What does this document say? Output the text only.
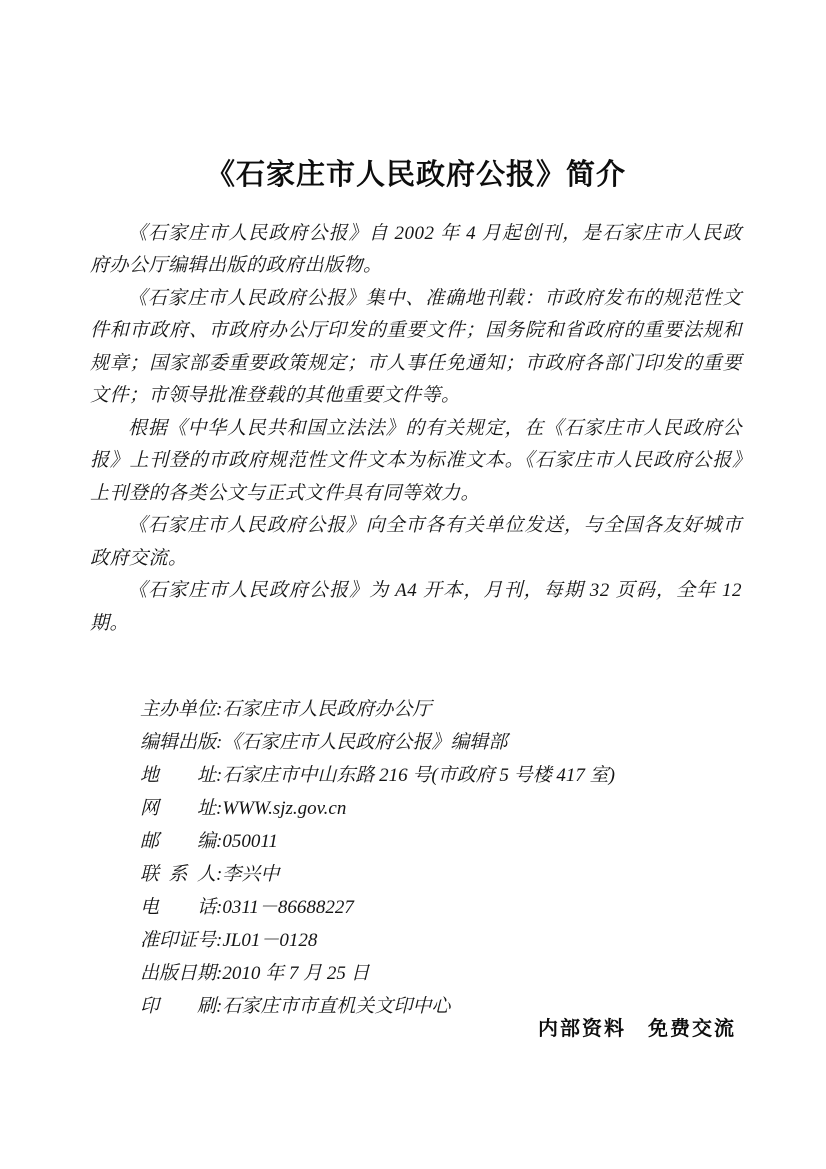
《石家庄市人民政府公报》简介

《石家庄市人民政府公报》自 2002 年 4 月起创刊，是石家庄市人民政府办公厅编辑出版的政府出版物。

《石家庄市人民政府公报》集中、准确地刊载：市政府发布的规范性文件和市政府、市政府办公厅印发的重要文件；国务院和省政府的重要法规和规章；国家部委重要政策规定；市人事任免通知；市政府各部门印发的重要文件；市领导批准登载的其他重要文件等。

根据《中华人民共和国立法法》的有关规定，在《石家庄市人民政府公报》上刊登的市政府规范性文件文本为标准文本。《石家庄市人民政府公报》上刊登的各类公文与正式文件具有同等效力。

《石家庄市人民政府公报》向全市各有关单位发送，与全国各友好城市政府交流。

《石家庄市人民政府公报》为 A4 开本，月刊，每期 32 页码，全年 12 期。

主办单位:石家庄市人民政府办公厅
编辑出版:《石家庄市人民政府公报》编辑部
地址:石家庄市中山东路 216 号(市政府 5 号楼 417 室)
网址:WWW.sjz.gov.cn
邮编:050011
联系人:李兴中
电话:0311－86688227
准印证号:JL01－0128
出版日期:2010 年 7 月 25 日
印刷:石家庄市市直机关文印中心
内部资料　免费交流
